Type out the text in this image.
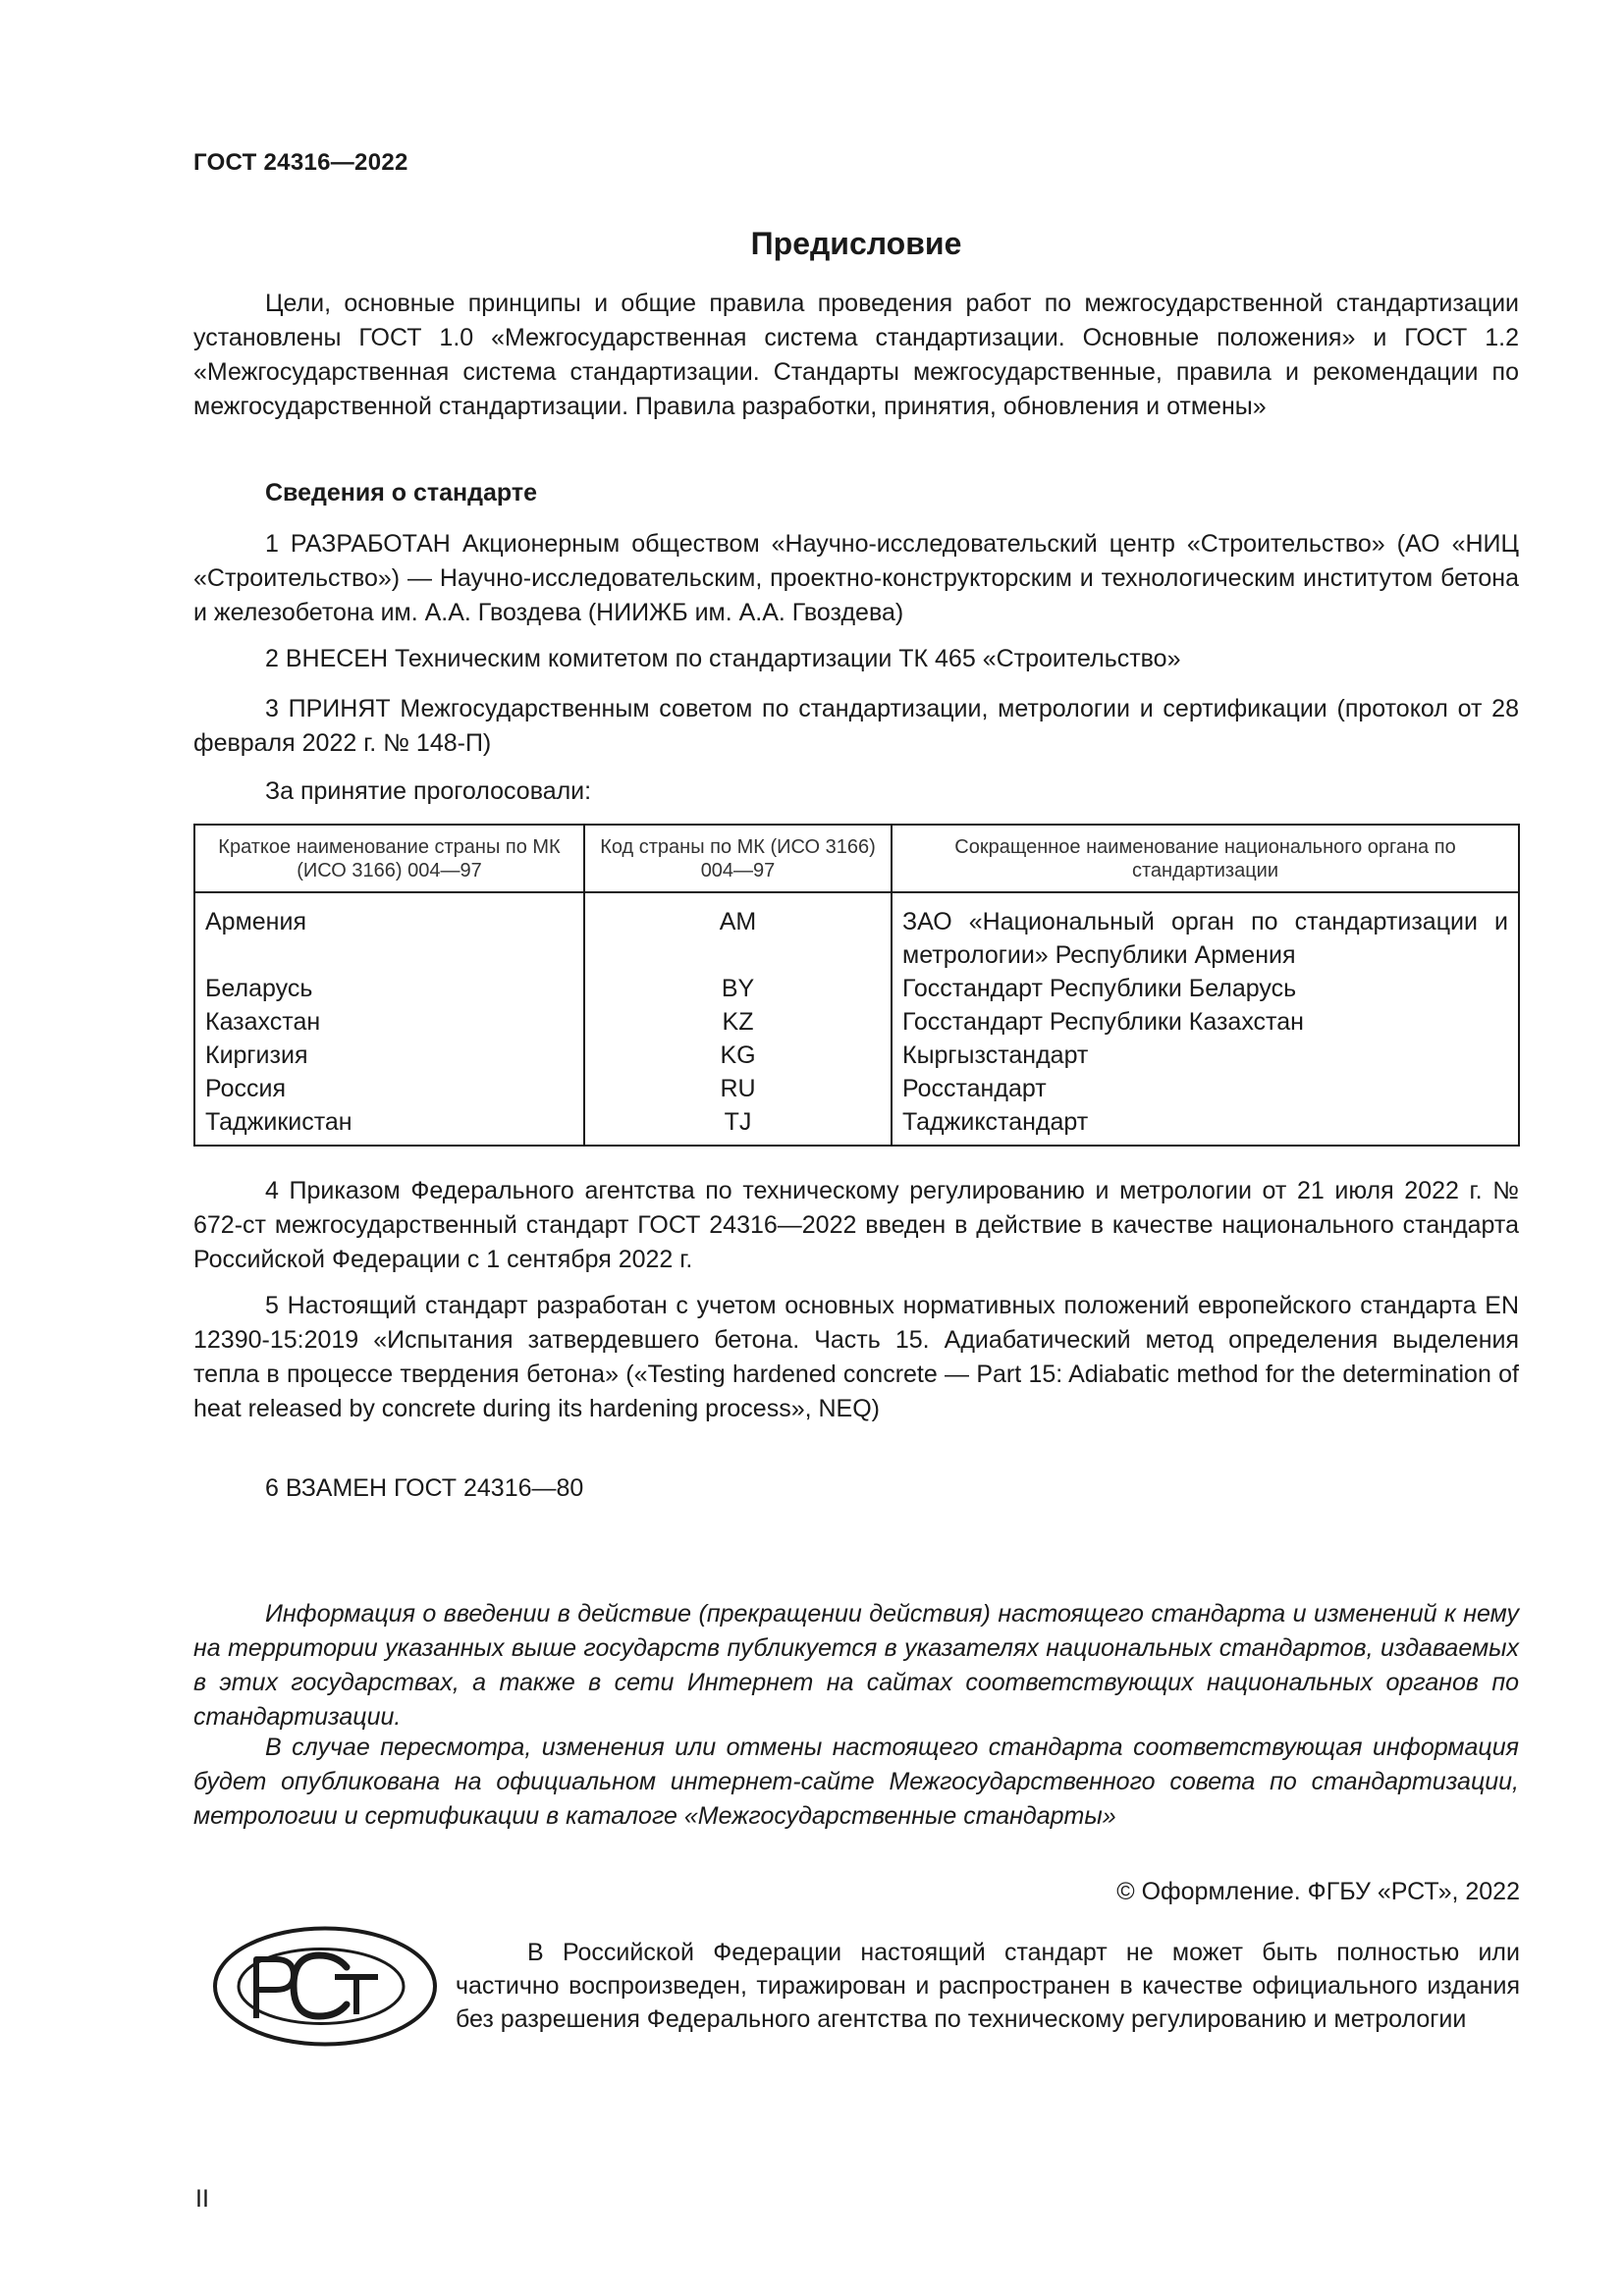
ГОСТ 24316—2022
Предисловие

Цели, основные принципы и общие правила проведения работ по межгосударственной стандартизации установлены ГОСТ 1.0 «Межгосударственная система стандартизации. Основные положения» и ГОСТ 1.2 «Межгосударственная система стандартизации. Стандарты межгосударственные, правила и рекомендации по межгосударственной стандартизации. Правила разработки, принятия, обновления и отмены»

Сведения о стандарте

1 РАЗРАБОТАН Акционерным обществом «Научно-исследовательский центр «Строительство» (АО «НИЦ «Строительство») — Научно-исследовательским, проектно-конструкторским и технологическим институтом бетона и железобетона им. А.А. Гвоздева (НИИЖБ им. А.А. Гвоздева)

2 ВНЕСЕН Техническим комитетом по стандартизации ТК 465 «Строительство»

3 ПРИНЯТ Межгосударственным советом по стандартизации, метрологии и сертификации (протокол от 28 февраля 2022 г. № 148-П)

За принятие проголосовали:

Краткое наименование страны по МК (ИСО 3166) 004—97	Код страны по МК (ИСО 3166) 004—97	Сокращенное наименование национального органа по стандартизации
Армения	AM	ЗАО «Национальный орган по стандартизации и метрологии» Республики Армения
Беларусь	BY	Госстандарт Республики Беларусь
Казахстан	KZ	Госстандарт Республики Казахстан
Киргизия	KG	Кыргызстандарт
Россия	RU	Росстандарт
Таджикистан	TJ	Таджикстандарт

4 Приказом Федерального агентства по техническому регулированию и метрологии от 21 июля 2022 г. № 672-ст межгосударственный стандарт ГОСТ 24316—2022 введен в действие в качестве национального стандарта Российской Федерации с 1 сентября 2022 г.

5 Настоящий стандарт разработан с учетом основных нормативных положений европейского стандарта EN 12390-15:2019 «Испытания затвердевшего бетона. Часть 15. Адиабатический метод определения выделения тепла в процессе твердения бетона» («Testing hardened concrete — Part 15: Adiabatic method for the determination of heat released by concrete during its hardening process», NEQ)

6 ВЗАМЕН ГОСТ 24316—80

Информация о введении в действие (прекращении действия) настоящего стандарта и изменений к нему на территории указанных выше государств публикуется в указателях национальных стандартов, издаваемых в этих государствах, а также в сети Интернет на сайтах соответствующих национальных органов по стандартизации.

В случае пересмотра, изменения или отмены настоящего стандарта соответствующая информация будет опубликована на официальном интернет-сайте Межгосударственного совета по стандартизации, метрологии и сертификации в каталоге «Межгосударственные стандарты»

© Оформление. ФГБУ «РСТ», 2022

В Российской Федерации настоящий стандарт не может быть полностью или частично воспроизведен, тиражирован и распространен в качестве официального издания без разрешения Федерального агентства по техническому регулированию и метрологии

II
